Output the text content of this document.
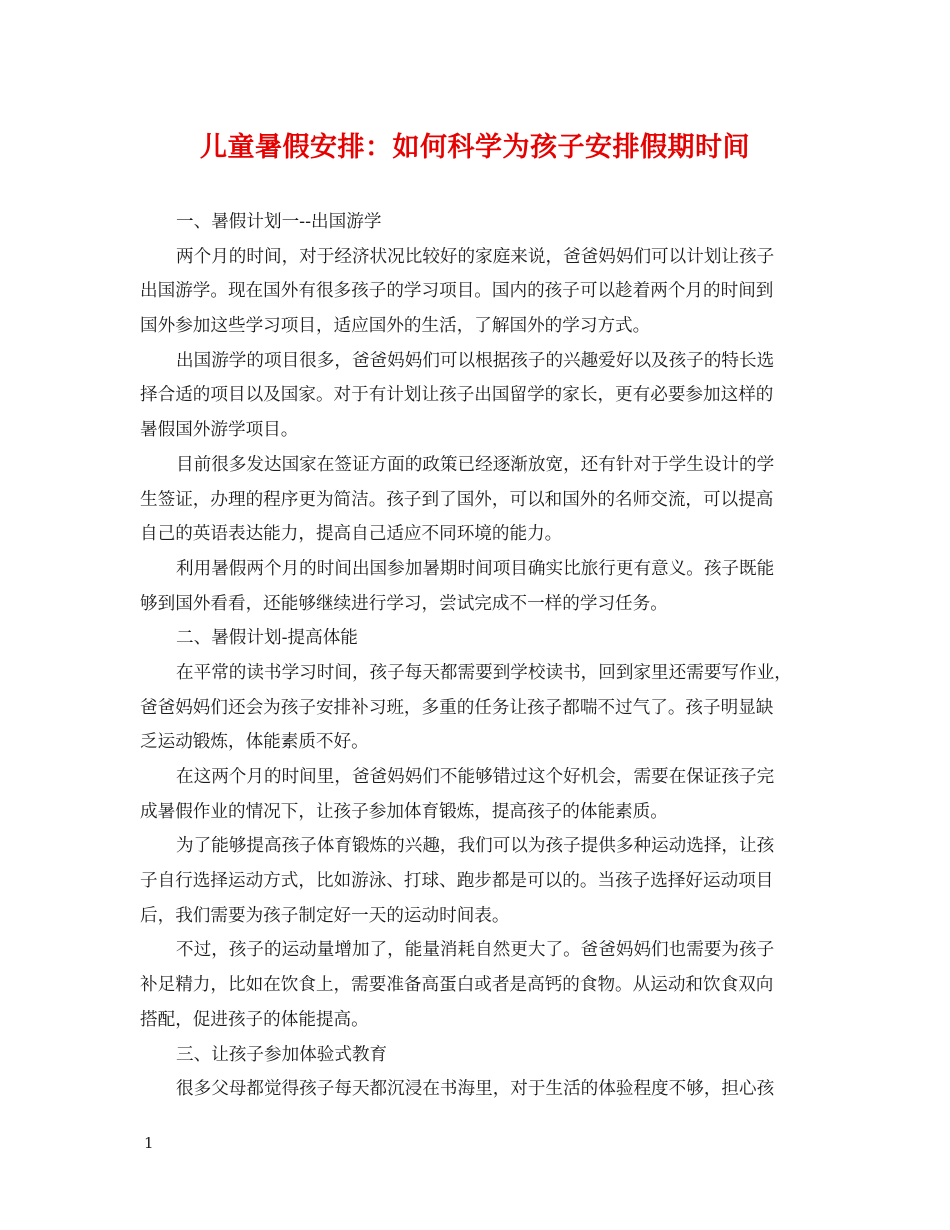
儿童暑假安排：如何科学为孩子安排假期时间
一、暑假计划一--出国游学
两个月的时间，对于经济状况比较好的家庭来说，爸爸妈妈们可以计划让孩子
出国游学。现在国外有很多孩子的学习项目。国内的孩子可以趁着两个月的时间到
国外参加这些学习项目，适应国外的生活，了解国外的学习方式。
出国游学的项目很多，爸爸妈妈们可以根据孩子的兴趣爱好以及孩子的特长选
择合适的项目以及国家。对于有计划让孩子出国留学的家长，更有必要参加这样的
暑假国外游学项目。
目前很多发达国家在签证方面的政策已经逐渐放宽，还有针对于学生设计的学
生签证，办理的程序更为简洁。孩子到了国外，可以和国外的名师交流，可以提高
自己的英语表达能力，提高自己适应不同环境的能力。
利用暑假两个月的时间出国参加暑期时间项目确实比旅行更有意义。孩子既能
够到国外看看，还能够继续进行学习，尝试完成不一样的学习任务。
二、暑假计划-提高体能
在平常的读书学习时间，孩子每天都需要到学校读书，回到家里还需要写作业，
爸爸妈妈们还会为孩子安排补习班，多重的任务让孩子都喘不过气了。孩子明显缺
乏运动锻炼，体能素质不好。
在这两个月的时间里，爸爸妈妈们不能够错过这个好机会，需要在保证孩子完
成暑假作业的情况下，让孩子参加体育锻炼，提高孩子的体能素质。
为了能够提高孩子体育锻炼的兴趣，我们可以为孩子提供多种运动选择，让孩
子自行选择运动方式，比如游泳、打球、跑步都是可以的。当孩子选择好运动项目
后，我们需要为孩子制定好一天的运动时间表。
不过，孩子的运动量增加了，能量消耗自然更大了。爸爸妈妈们也需要为孩子
补足精力，比如在饮食上，需要准备高蛋白或者是高钙的食物。从运动和饮食双向
搭配，促进孩子的体能提高。
三、让孩子参加体验式教育
很多父母都觉得孩子每天都沉浸在书海里，对于生活的体验程度不够，担心孩
1
